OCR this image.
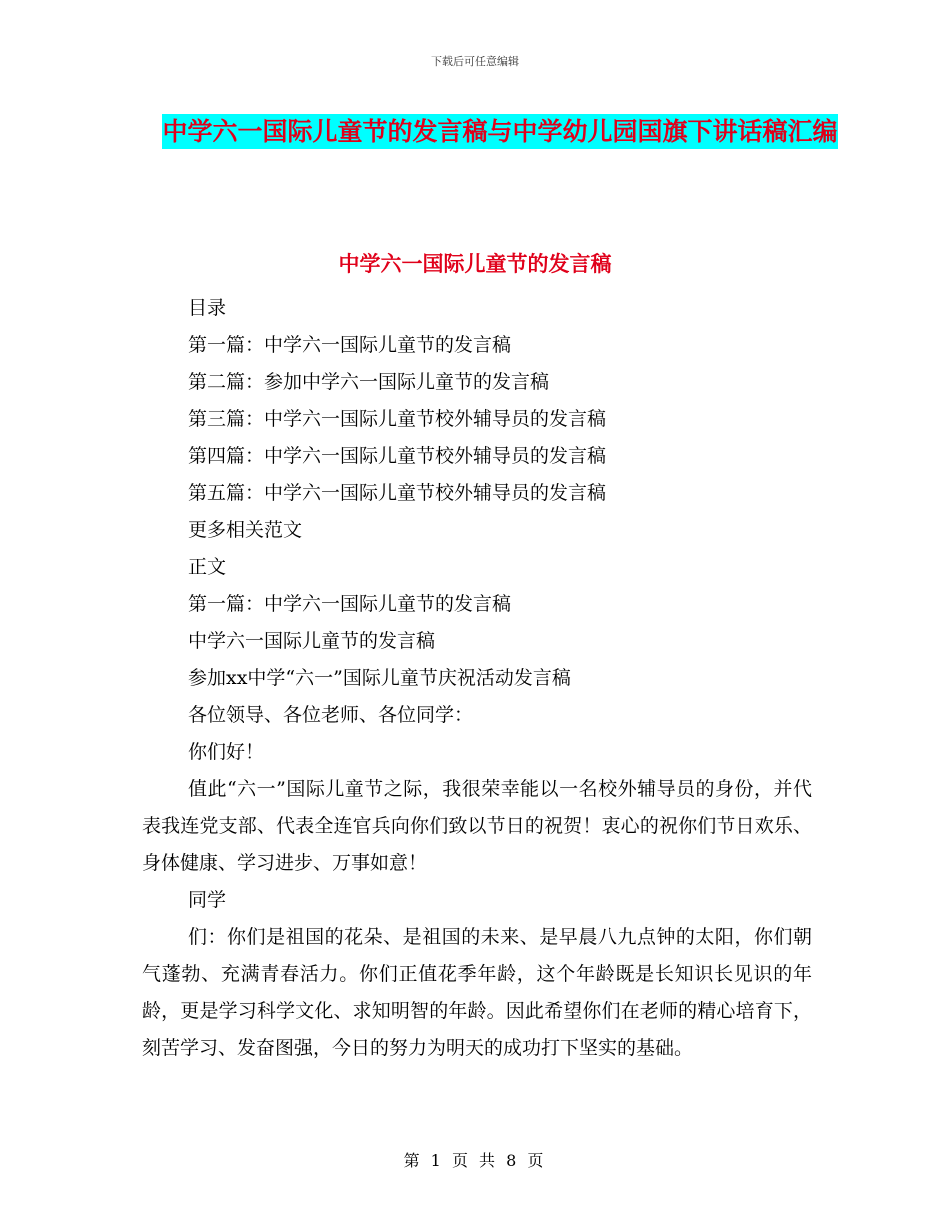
下载后可任意编辑
中学六一国际儿童节的发言稿与中学幼儿园国旗下讲话稿汇编
中学六一国际儿童节的发言稿
目录
第一篇：中学六一国际儿童节的发言稿
第二篇：参加中学六一国际儿童节的发言稿
第三篇：中学六一国际儿童节校外辅导员的发言稿
第四篇：中学六一国际儿童节校外辅导员的发言稿
第五篇：中学六一国际儿童节校外辅导员的发言稿
更多相关范文
正文
第一篇：中学六一国际儿童节的发言稿
中学六一国际儿童节的发言稿
参加xx中学“六一”国际儿童节庆祝活动发言稿
各位领导、各位老师、各位同学：
你们好！

值此“六一”国际儿童节之际，我很荣幸能以一名校外辅导员的身份，并代表我连党支部、代表全连官兵向你们致以节日的祝贺！衷心的祝你们节日欢乐、身体健康、学习进步、万事如意！

同学

们：你们是祖国的花朵、是祖国的未来、是早晨八九点钟的太阳，你们朝气蓬勃、充满青春活力。你们正值花季年龄，这个年龄既是长知识长见识的年龄，更是学习科学文化、求知明智的年龄。因此希望你们在老师的精心培育下，刻苦学习、发奋图强，今日的努力为明天的成功打下坚实的基础。

第 1 页 共 8 页
